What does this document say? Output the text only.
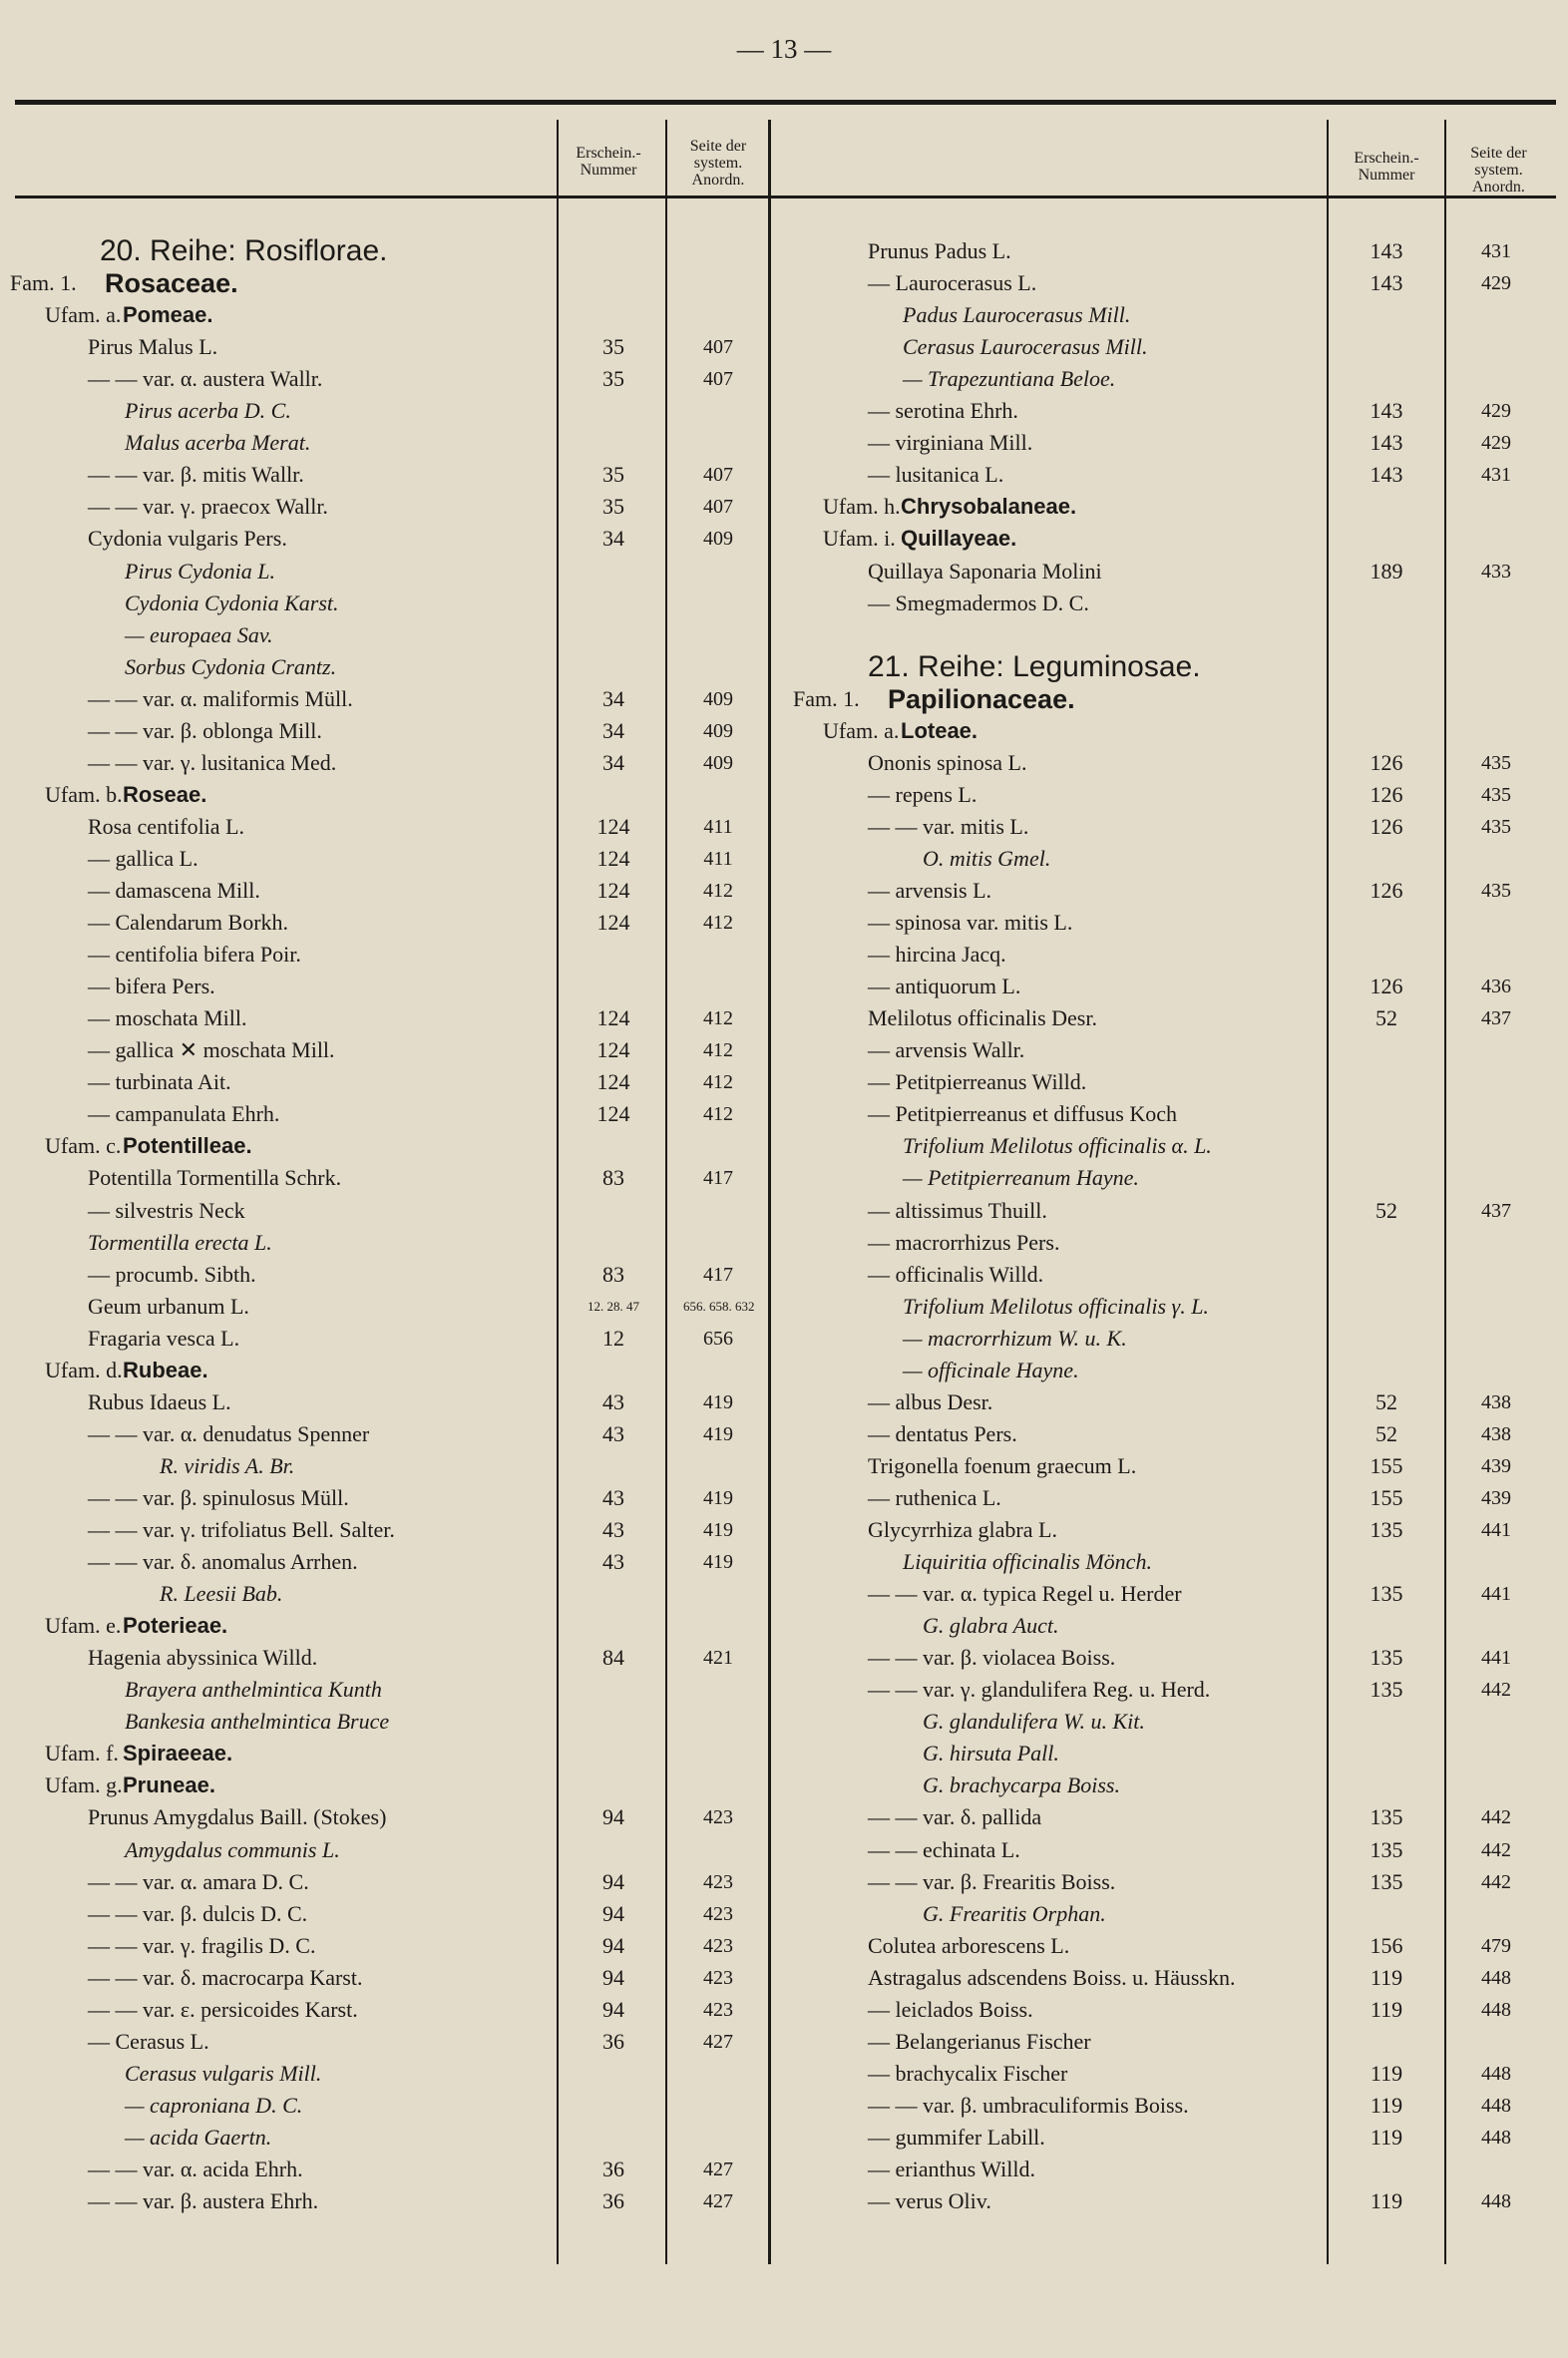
— 13 —
Erschein.-
Nummer
Seite der
system.
Anordn.
Erschein.-
Nummer
Seite der
system.
Anordn.
20. Reihe: Rosiflorae.
Fam. 1. Rosaceae.
Ufam. a. Pomeae.
Pirus Malus L.	35	407
— — var. α. austera Wallr.	35	407
Pirus acerba D. C.
Malus acerba Merat.
— — var. β. mitis Wallr.	35	407
— — var. γ. praecox Wallr.	35	407
Cydonia vulgaris Pers.	34	409
Pirus Cydonia L.
Cydonia Cydonia Karst.
— europaea Sav.
Sorbus Cydonia Crantz.
— — var. α. maliformis Müll.	34	409
— — var. β. oblonga Mill.	34	409
— — var. γ. lusitanica Med.	34	409
Ufam. b. Roseae.
Rosa centifolia L.	124	411
— gallica L.	124	411
— damascena Mill.	124	412
— Calendarum Borkh.	124	412
— centifolia bifera Poir.
— bifera Pers.
— moschata Mill.	124	412
— gallica ✕ moschata Mill.	124	412
— turbinata Ait.	124	412
— campanulata Ehrh.	124	412
Ufam. c. Potentilleae.
Potentilla Tormentilla Schrk.	83	417
— silvestris Neck
Tormentilla erecta L.
— procumb. Sibth.	83	417
Geum urbanum L.	12. 28. 47	656. 658. 632
Fragaria vesca L.	12	656
Ufam. d. Rubeae.
Rubus Idaeus L.	43	419
— — var. α. denudatus Spenner	43	419
R. viridis A. Br.
— — var. β. spinulosus Müll.	43	419
— — var. γ. trifoliatus Bell. Salter.	43	419
— — var. δ. anomalus Arrhen.	43	419
R. Leesii Bab.
Ufam. e. Poterieae.
Hagenia abyssinica Willd.	84	421
Brayera anthelmintica Kunth
Bankesia anthelmintica Bruce
Ufam. f. Spiraeeae.
Ufam. g. Pruneae.
Prunus Amygdalus Baill. (Stokes)	94	423
Amygdalus communis L.
— — var. α. amara D. C.	94	423
— — var. β. dulcis D. C.	94	423
— — var. γ. fragilis D. C.	94	423
— — var. δ. macrocarpa Karst.	94	423
— — var. ε. persicoides Karst.	94	423
— Cerasus L.	36	427
Cerasus vulgaris Mill.
— caproniana D. C.
— acida Gaertn.
— — var. α. acida Ehrh.	36	427
— — var. β. austera Ehrh.	36	427
Prunus Padus L.	143	431
— Laurocerasus L.	143	429
Padus Laurocerasus Mill.
Cerasus Laurocerasus Mill.
— Trapezuntiana Beloe.
— serotina Ehrh.	143	429
— virginiana Mill.	143	429
— lusitanica L.	143	431
Ufam. h. Chrysobalaneae.
Ufam. i. Quillayeae.
Quillaya Saponaria Molini	189	433
— Smegmadermos D. C.
21. Reihe: Leguminosae.
Fam. 1. Papilionaceae.
Ufam. a. Loteae.
Ononis spinosa L.	126	435
— repens L.	126	435
— — var. mitis L.	126	435
O. mitis Gmel.
— arvensis L.	126	435
— spinosa var. mitis L.
— hircina Jacq.
— antiquorum L.	126	436
Melilotus officinalis Desr.	52	437
— arvensis Wallr.
— Petitpierreanus Willd.
— Petitpierreanus et diffusus Koch
Trifolium Melilotus officinalis α. L.
— Petitpierreanum Hayne.
— altissimus Thuill.	52	437
— macrorrhizus Pers.
— officinalis Willd.
Trifolium Melilotus officinalis γ. L.
— macrorrhizum W. u. K.
— officinale Hayne.
— albus Desr.	52	438
— dentatus Pers.	52	438
Trigonella foenum graecum L.	155	439
— ruthenica L.	155	439
Glycyrrhiza glabra L.	135	441
Liquiritia officinalis Mönch.
— — var. α. typica Regel u. Herder	135	441
G. glabra Auct.
— — var. β. violacea Boiss.	135	441
— — var. γ. glandulifera Reg. u. Herd.	135	442
G. glandulifera W. u. Kit.
G. hirsuta Pall.
G. brachycarpa Boiss.
— — var. δ. pallida	135	442
— — echinata L.	135	442
— — var. β. Frearitis Boiss.	135	442
G. Frearitis Orphan.
Colutea arborescens L.	156	479
Astragalus adscendens Boiss. u. Häusskn.	119	448
— leiclados Boiss.	119	448
— Belangerianus Fischer
— brachycalix Fischer	119	448
— — var. β. umbraculiformis Boiss.	119	448
— gummifer Labill.	119	448
— erianthus Willd.
— verus Oliv.	119	448
